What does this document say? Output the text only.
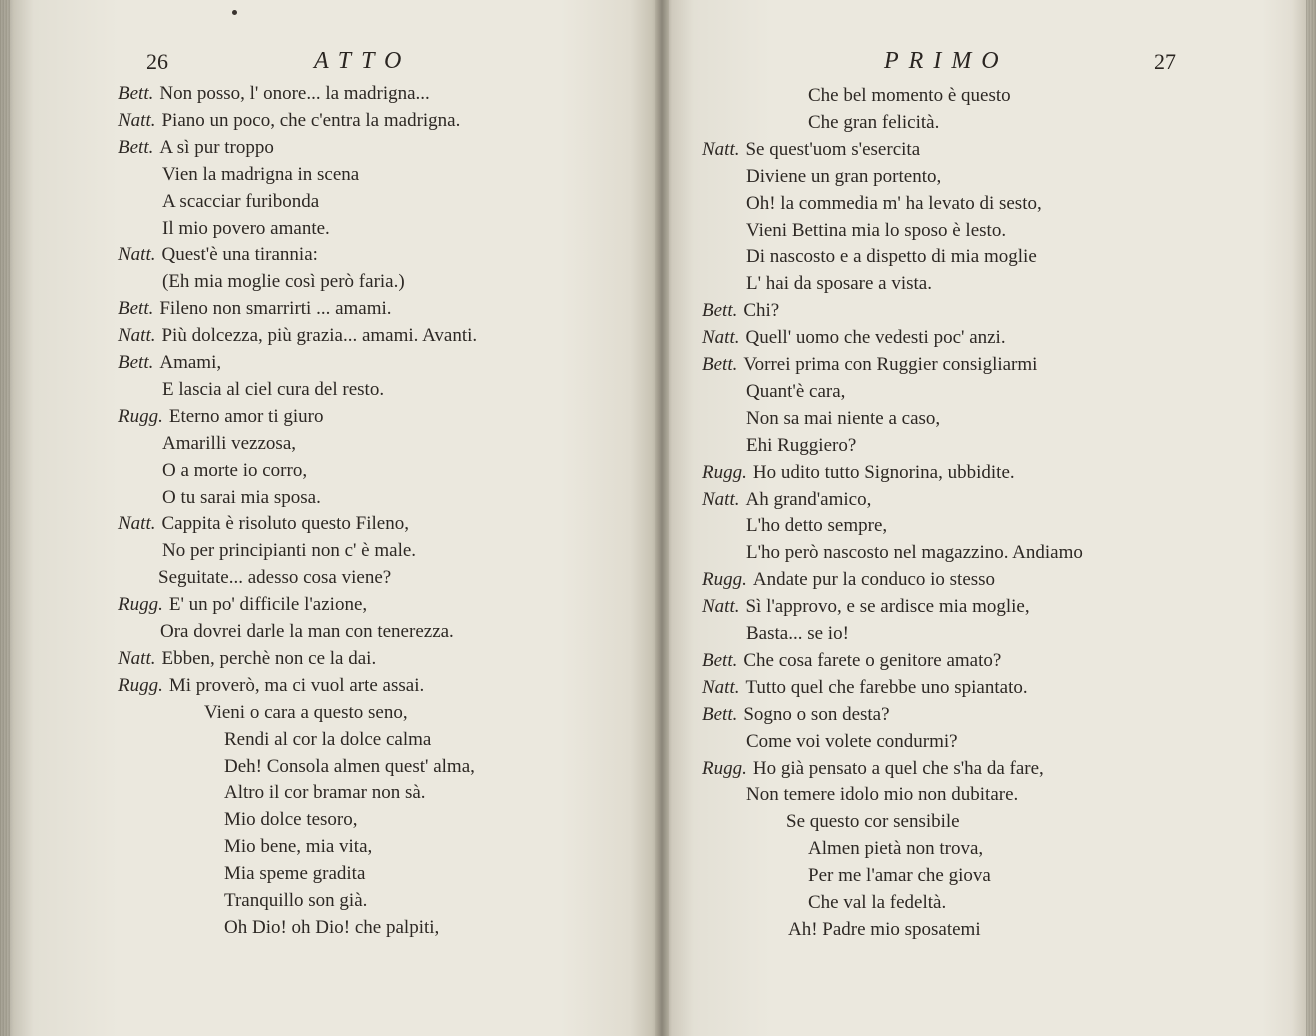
26	ATTO
Bett. Non posso, l' onore... la madrigna...
Natt. Piano un poco, che c'entra la madrigna.
Bett. A sì pur troppo
Vien la madrigna in scena
A scacciar furibonda
Il mio povero amante.
Natt. Quest'è una tirannia:
(Eh mia moglie così però faria.)
Bett. Fileno non smarrirti ... amami.
Natt. Più dolcezza, più grazia... amami. Avanti.
Bett. Amami,
E lascia al ciel cura del resto.
Rugg. Eterno amor ti giuro
Amarilli vezzosa,
O a morte io corro,
O tu sarai mia sposa.
Natt. Cappita è risoluto questo Fileno,
No per principianti non c' è male.
Seguitate... adesso cosa viene?
Rugg. E' un po' difficile l'azione,
Ora dovrei darle la man con tenerezza.
Natt. Ebben, perchè non ce la dai.
Rugg. Mi proverò, ma ci vuol arte assai.
Vieni o cara a questo seno,
Rendi al cor la dolce calma
Deh! Consola almen quest' alma,
Altro il cor bramar non sà.
Mio dolce tesoro,
Mio bene, mia vita,
Mia speme gradita
Tranquillo son già.
Oh Dio! oh Dio! che palpiti,
PRIMO	27
Che bel momento è questo
Che gran felicità.
Natt. Se quest'uom s'esercita
Diviene un gran portento,
Oh! la commedia m' ha levato di sesto,
Vieni Bettina mia lo sposo è lesto.
Di nascosto e a dispetto di mia moglie
L' hai da sposare a vista.
Bett. Chi?
Natt. Quell' uomo che vedesti poc' anzi.
Bett. Vorrei prima con Ruggier consigliarmi
Quant'è cara,
Non sa mai niente a caso,
Ehi Ruggiero?
Rugg. Ho udito tutto Signorina, ubbidite.
Natt. Ah grand'amico,
L'ho detto sempre,
L'ho però nascosto nel magazzino. Andiamo
Rugg. Andate pur la conduco io stesso
Natt. Sì l'approvo, e se ardisce mia moglie,
Basta... se io!
Bett. Che cosa farete o genitore amato?
Natt. Tutto quel che farebbe uno spiantato.
Bett. Sogno o son desta?
Come voi volete condurmi?
Rugg. Ho già pensato a quel che s'ha da fare,
Non temere idolo mio non dubitare.
Se questo cor sensibile
Almen pietà non trova,
Per me l'amar che giova
Che val la fedeltà.
Ah! Padre mio sposatemi
